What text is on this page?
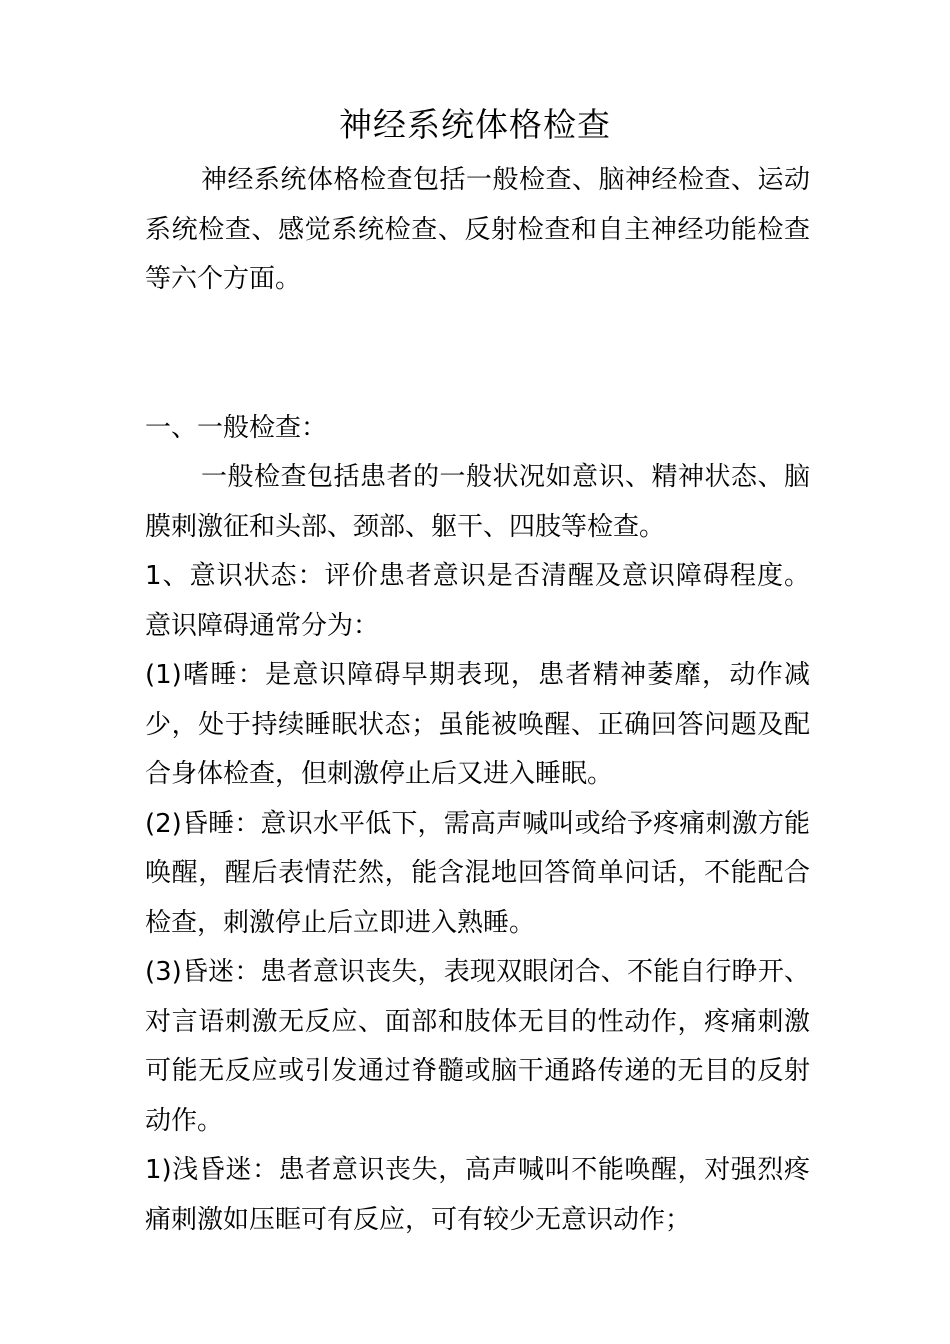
神经系统体格检查

神经系统体格检查包括一般检查、脑神经检查、运动系统检查、感觉系统检查、反射检查和自主神经功能检查等六个方面。

一、一般检查：

一般检查包括患者的一般状况如意识、精神状态、脑膜刺激征和头部、颈部、躯干、四肢等检查。

1、意识状态：评价患者意识是否清醒及意识障碍程度。意识障碍通常分为：

(1)嗜睡：是意识障碍早期表现，患者精神萎靡，动作减少，处于持续睡眠状态；虽能被唤醒、正确回答问题及配合身体检查，但刺激停止后又进入睡眠。

(2)昏睡：意识水平低下，需高声喊叫或给予疼痛刺激方能唤醒，醒后表情茫然，能含混地回答简单问话，不能配合检查，刺激停止后立即进入熟睡。

(3)昏迷：患者意识丧失，表现双眼闭合、不能自行睁开、对言语刺激无反应、面部和肢体无目的性动作，疼痛刺激可能无反应或引发通过脊髓或脑干通路传递的无目的反射动作。

1)浅昏迷：患者意识丧失，高声喊叫不能唤醒，对强烈疼痛刺激如压眶可有反应，可有较少无意识动作；
